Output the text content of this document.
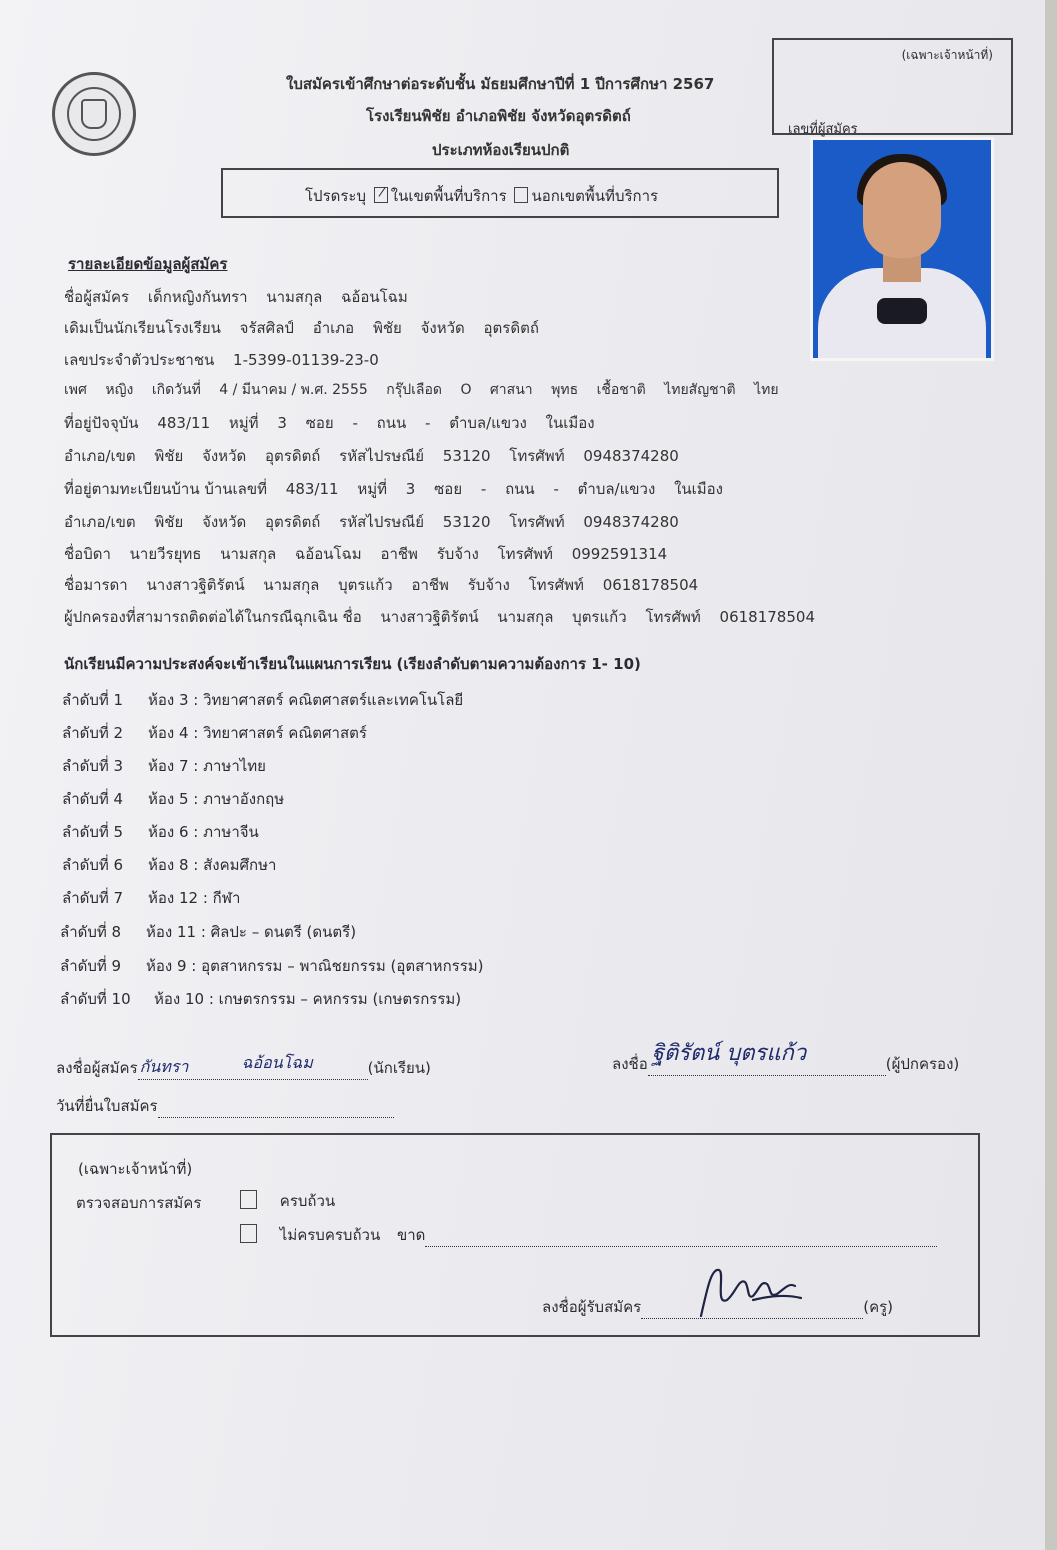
ใบสมัครเข้าศึกษาต่อระดับชั้น มัธยมศึกษาปีที่ 1 ปีการศึกษา 2567
โรงเรียนพิชัย อำเภอพิชัย จังหวัดอุตรดิตถ์
ประเภทห้องเรียนปกติ
(เฉพาะเจ้าหน้าที่)
เลขที่ผู้สมัคร
โปรดระบุ ในเขตพื้นที่บริการ นอกเขตพื้นที่บริการ
รายละเอียดข้อมูลผู้สมัคร
ชื่อผู้สมัคร เด็กหญิงกันทรา นามสกุล ฉอ้อนโฉม
เดิมเป็นนักเรียนโรงเรียน จรัสศิลป์ อำเภอ พิชัย จังหวัด อุตรดิตถ์
เลขประจำตัวประชาชน 1-5399-01139-23-0
เพศ หญิง เกิดวันที่ 4 / มีนาคม / พ.ศ. 2555 กรุ๊ปเลือด O ศาสนา พุทธ เชื้อชาติ ไทยสัญชาติ ไทย
ที่อยู่ปัจจุบัน 483/11 หมู่ที่ 3 ซอย - ถนน - ตำบล/แขวง ในเมือง
อำเภอ/เขต พิชัย จังหวัด อุตรดิตถ์ รหัสไปรษณีย์ 53120 โทรศัพท์ 0948374280
ที่อยู่ตามทะเบียนบ้าน บ้านเลขที่ 483/11 หมู่ที่ 3 ซอย - ถนน - ตำบล/แขวง ในเมือง
อำเภอ/เขต พิชัย จังหวัด อุตรดิตถ์ รหัสไปรษณีย์ 53120 โทรศัพท์ 0948374280
ชื่อบิดา นายวีรยุทธ นามสกุล ฉอ้อนโฉม อาชีพ รับจ้าง โทรศัพท์ 0992591314
ชื่อมารดา นางสาวฐิติรัตน์ นามสกุล บุตรแก้ว อาชีพ รับจ้าง โทรศัพท์ 0618178504
ผู้ปกครองที่สามารถติดต่อได้ในกรณีฉุกเฉิน ชื่อ นางสาวฐิติรัตน์ นามสกุล บุตรแก้ว โทรศัพท์ 0618178504
นักเรียนมีความประสงค์จะเข้าเรียนในแผนการเรียน (เรียงลำดับตามความต้องการ 1- 10)
ลำดับที่ 1 ห้อง 3 : วิทยาศาสตร์ คณิตศาสตร์และเทคโนโลยี
ลำดับที่ 2 ห้อง 4 : วิทยาศาสตร์ คณิตศาสตร์
ลำดับที่ 3 ห้อง 7 : ภาษาไทย
ลำดับที่ 4 ห้อง 5 : ภาษาอังกฤษ
ลำดับที่ 5 ห้อง 6 : ภาษาจีน
ลำดับที่ 6 ห้อง 8 : สังคมศึกษา
ลำดับที่ 7 ห้อง 12 : กีฬา
ลำดับที่ 8 ห้อง 11 : ศิลปะ – ดนตรี (ดนตรี)
ลำดับที่ 9 ห้อง 9 : อุตสาหกรรม – พาณิชยกรรม (อุตสาหกรรม)
ลำดับที่ 10 ห้อง 10 : เกษตรกรรม – คหกรรม (เกษตรกรรม)
ลงชื่อผู้สมัคร กันทรา	ฉอ้อนโฉม	(นักเรียน)	ลงชื่อ ฐิติรัตน์ บุตรแก้ว	(ผู้ปกครอง)
วันที่ยื่นใบสมัคร
(เฉพาะเจ้าหน้าที่)
ตรวจสอบการสมัคร	ครบถ้วน
ไม่ครบครบถ้วน ขาด
ลงชื่อผู้รับสมัคร	(ครู)
